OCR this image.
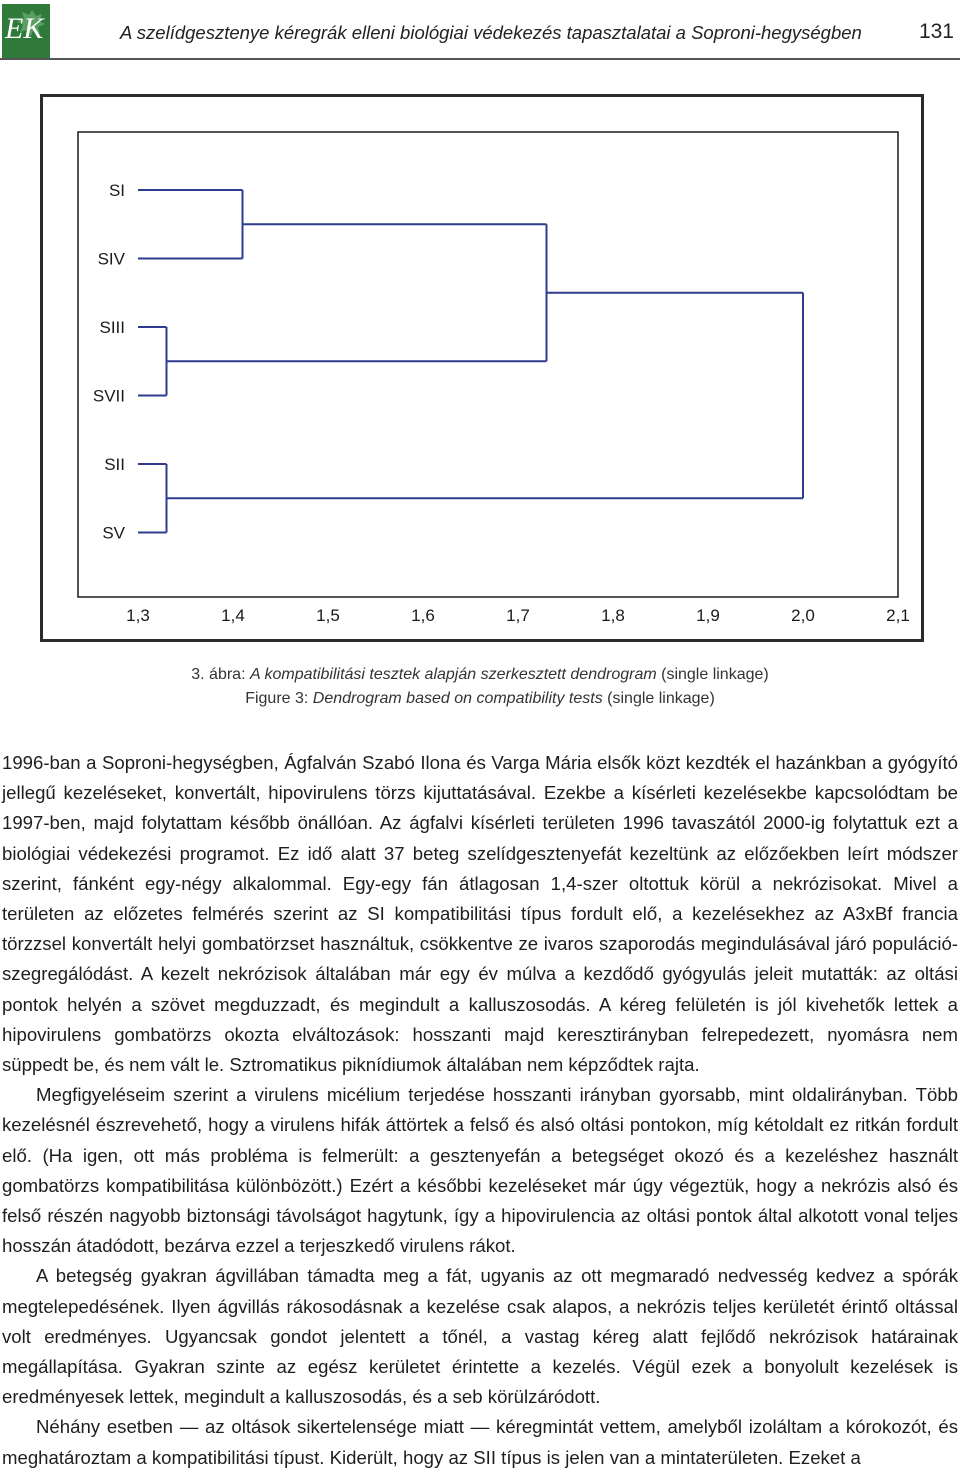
EK	A szelídgesztenye kéregrák elleni biológiai védekezés tapasztalatai a Soproni-hegységben	131
SI
SIV
SIII
SVII
SII
SV
1,3	1,4	1,5	1,6	1,7	1,8	1,9	2,0	2,1
3. ábra: A kompatibilitási tesztek alapján szerkesztett dendrogram (single linkage)
Figure 3: Dendrogram based on compatibility tests (single linkage)

1996-ban a Soproni-hegységben, Ágfalván Szabó Ilona és Varga Mária elsők közt kezdték el hazánkban a gyógyító jellegű kezeléseket, konvertált, hipovirulens törzs kijuttatásával. Ezekbe a kísérleti kezelésekbe kapcsolódtam be 1997-ben, majd folytattam később önállóan. Az ágfalvi kísérleti területen 1996 tavaszától 2000-ig folytattuk ezt a biológiai védekezési programot. Ez idő alatt 37 beteg szelídgesztenyefát kezeltünk az előzőekben leírt módszer szerint, fánként egy-négy alkalommal. Egy-egy fán átlagosan 1,4-szer oltottuk körül a nekrózisokat. Mivel a területen az előzetes felmérés szerint az SI kompatibilitási típus fordult elő, a kezelésekhez az A3xBf francia törzzsel konvertált helyi gombatörzset használtuk, csökkentve ze ivaros szaporodás megindulásával járó populáció-szegregálódást. A kezelt nekrózisok általában már egy év múlva a kezdődő gyógyulás jeleit mutatták: az oltási pontok helyén a szövet megduzzadt, és megindult a kalluszosodás. A kéreg felületén is jól kivehetők lettek a hipovirulens gombatörzs okozta elváltozások: hosszanti majd keresztirányban felrepedezett, nyomásra nem süppedt be, és nem vált le. Sztromatikus piknídiumok általában nem képződtek rajta.

Megfigyeléseim szerint a virulens micélium terjedése hosszanti irányban gyorsabb, mint oldalirányban. Több kezelésnél észrevehető, hogy a virulens hifák áttörtek a felső és alsó oltási pontokon, míg kétoldalt ez ritkán fordult elő. (Ha igen, ott más probléma is felmerült: a gesztenyefán a betegséget okozó és a kezeléshez használt gombatörzs kompatibilitása különbözött.) Ezért a későbbi kezeléseket már úgy végeztük, hogy a nekrózis alsó és felső részén nagyobb biztonsági távolságot hagytunk, így a hipovirulencia az oltási pontok által alkotott vonal teljes hosszán átadódott, bezárva ezzel a terjeszkedő virulens rákot.

A betegség gyakran ágvillában támadta meg a fát, ugyanis az ott megmaradó nedvesség kedvez a spórák megtelepedésének. Ilyen ágvillás rákosodásnak a kezelése csak alapos, a nekrózis teljes kerületét érintő oltással volt eredményes. Ugyancsak gondot jelentett a tőnél, a vastag kéreg alatt fejlődő nekrózisok határainak megállapítása. Gyakran szinte az egész kerületet érintette a kezelés. Végül ezek a bonyolult kezelések is eredményesek lettek, megindult a kalluszosodás, és a seb körülzáródott.

Néhány esetben — az oltások sikertelensége miatt — kéregmintát vettem, amelyből izoláltam a kórokozót, és meghatároztam a kompatibilitási típust. Kiderült, hogy az SII típus is jelen van a mintaterületen. Ezeket a
